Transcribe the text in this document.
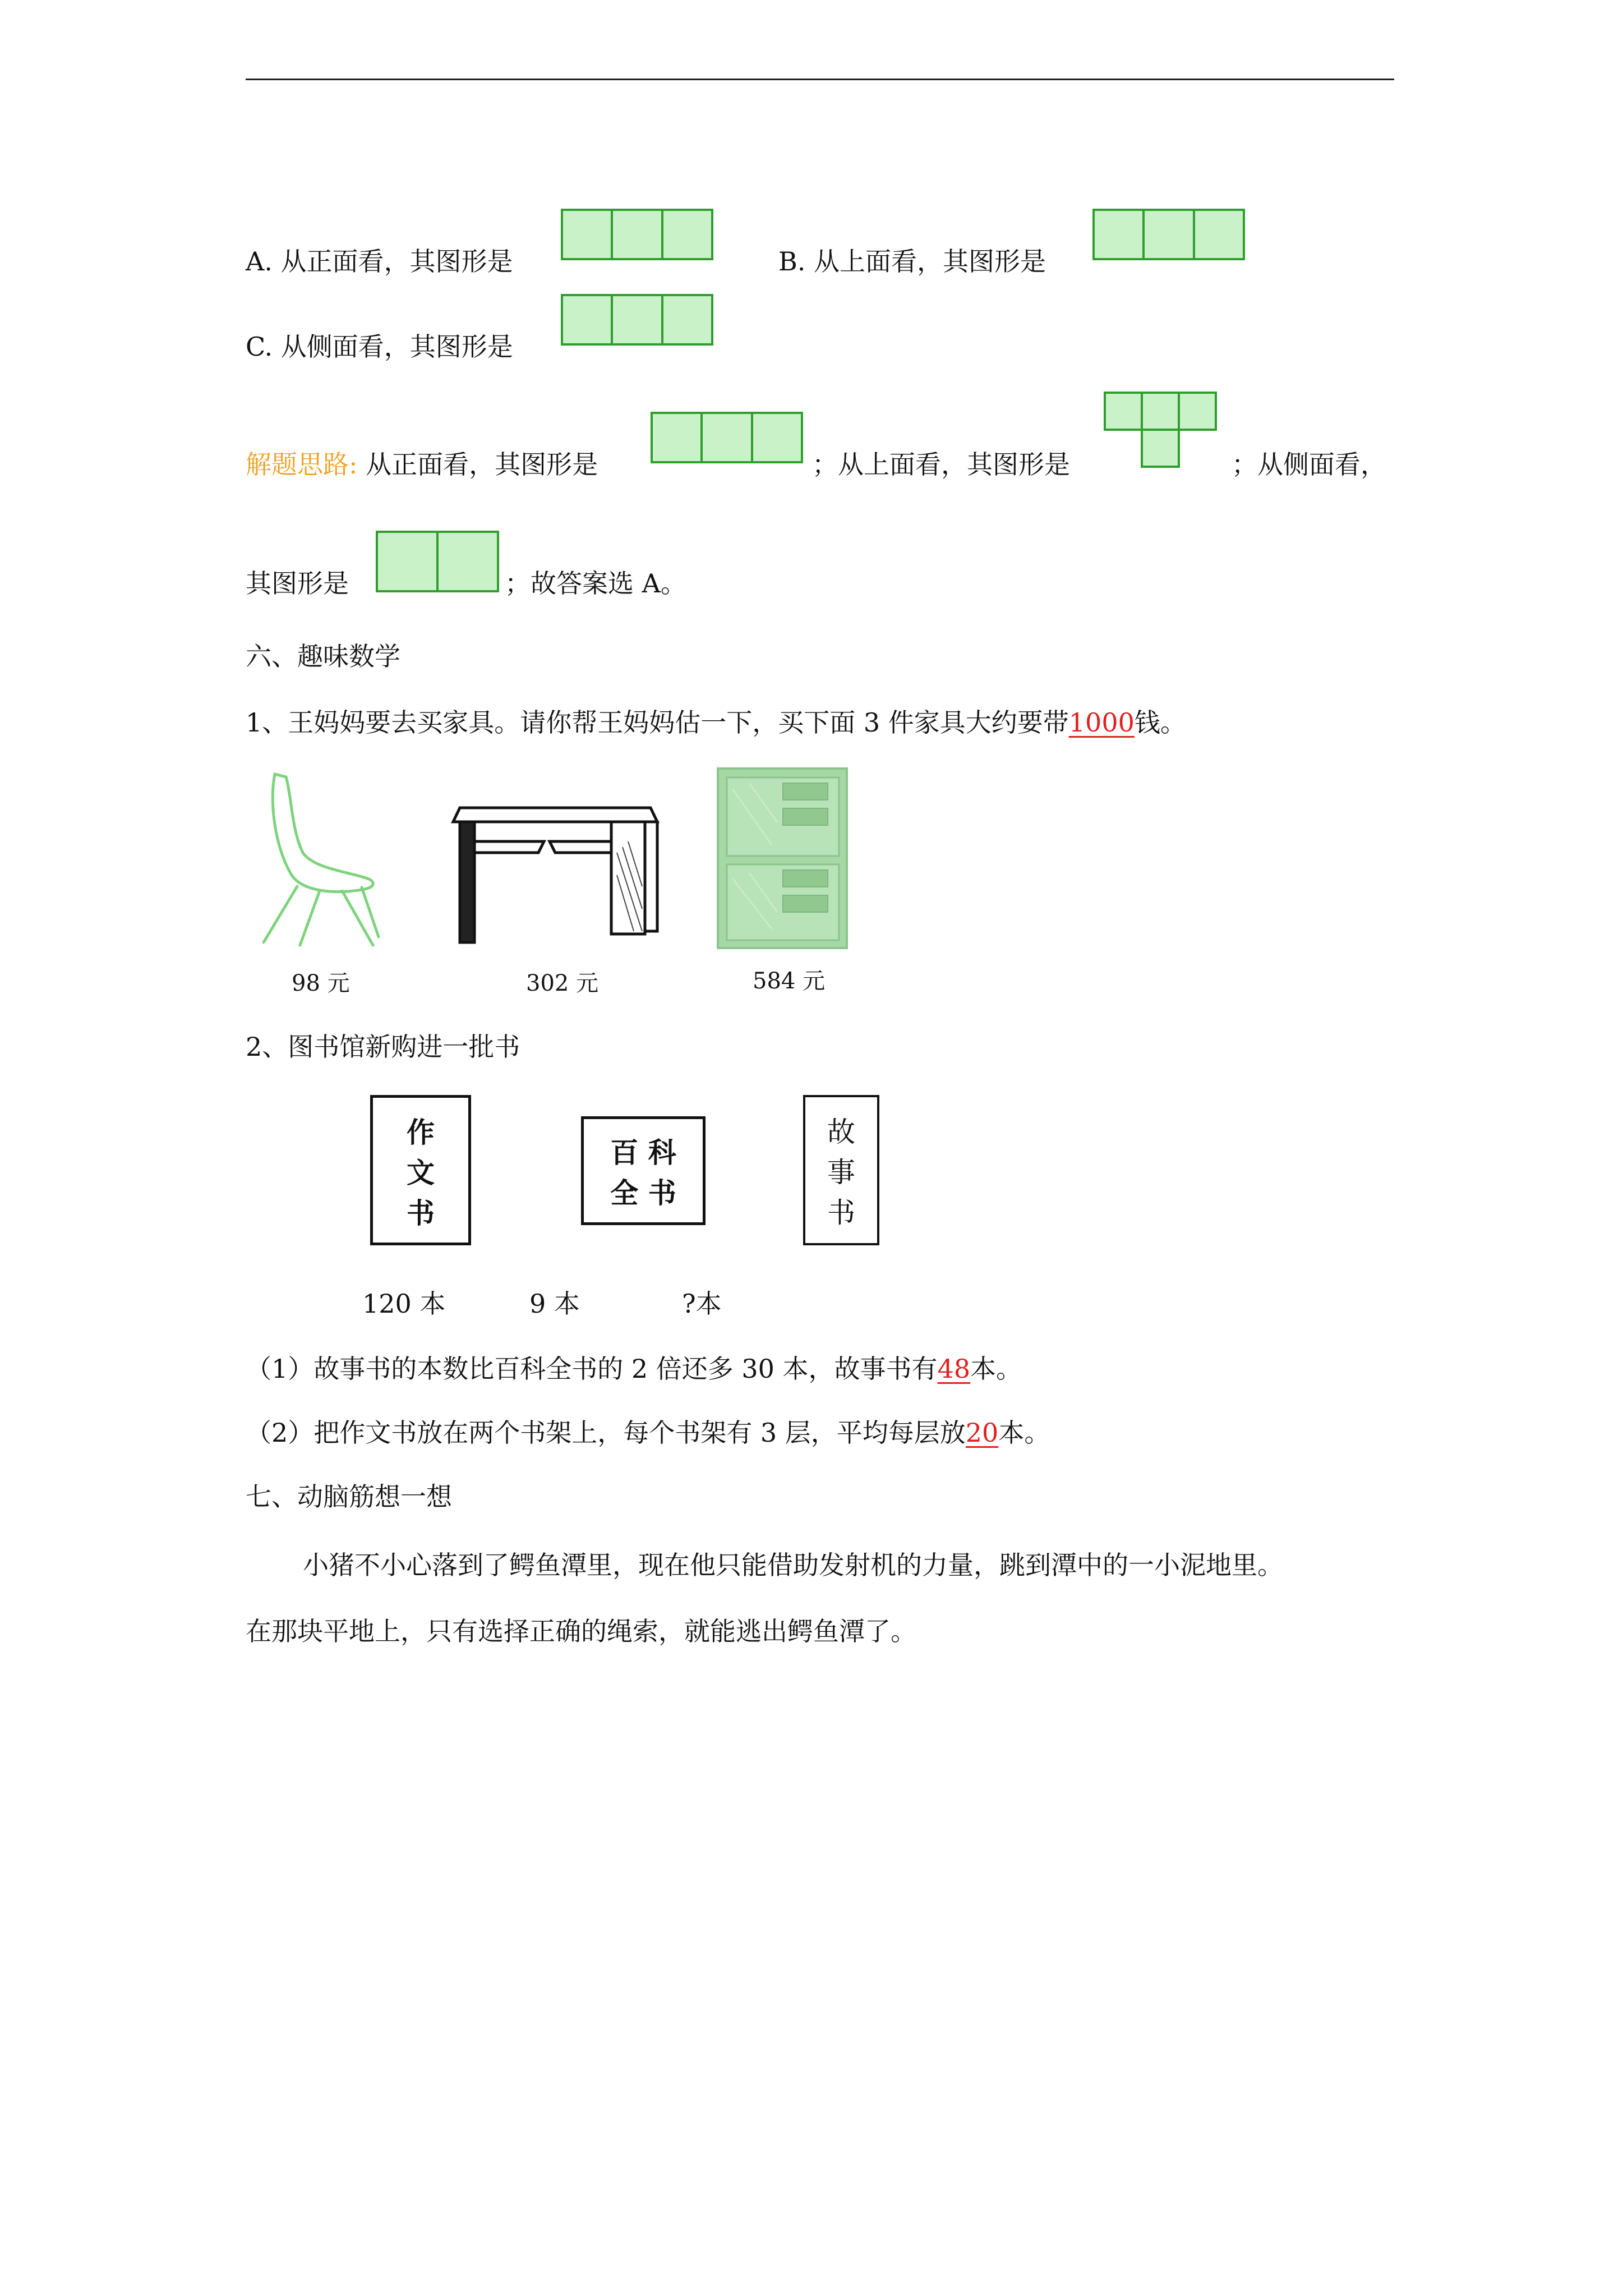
A. 从正面看，其图形是	B. 从上面看，其图形是
C. 从侧面看，其图形是
解题思路: 从正面看，其图形是	；从上面看，其图形是	；从侧面看，
其图形是	；故答案选 A。
六、趣味数学
1、王妈妈要去买家具。请你帮王妈妈估一下，买下面 3 件家具大约要带1000钱。
98 元	302 元	584 元
2、图书馆新购进一批书
作
文
书
百 科
全 书
故
事
书
120 本	9 本	?本
（1）故事书的本数比百科全书的 2 倍还多 30 本，故事书有48本。
（2）把作文书放在两个书架上，每个书架有 3 层，平均每层放20本。
七、动脑筋想一想
小猪不小心落到了鳄鱼潭里，现在他只能借助发射机的力量，跳到潭中的一小泥地里。
在那块平地上，只有选择正确的绳索，就能逃出鳄鱼潭了。
